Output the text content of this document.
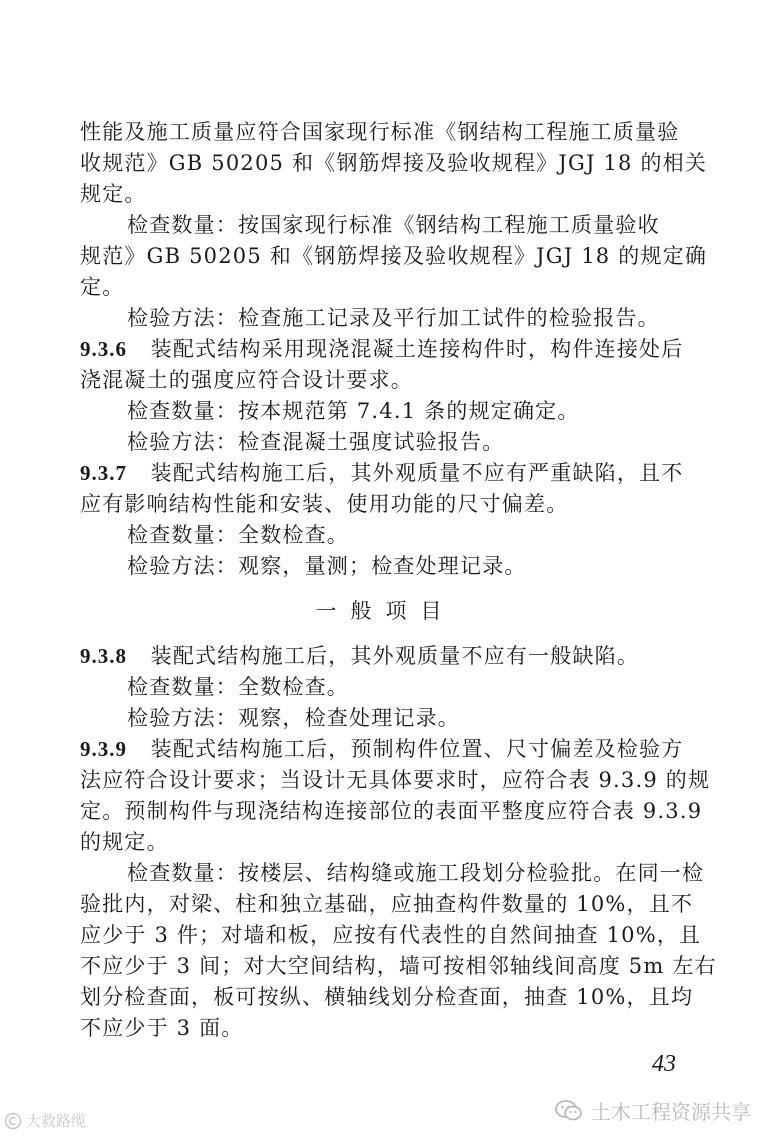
性能及施工质量应符合国家现行标准《钢结构工程施工质量验
收规范》GB 50205 和《钢筋焊接及验收规程》JGJ 18 的相关
规定。
检查数量：按国家现行标准《钢结构工程施工质量验收
规范》GB 50205 和《钢筋焊接及验收规程》JGJ 18 的规定确
定。
检验方法：检查施工记录及平行加工试件的检验报告。
9.3.6 装配式结构采用现浇混凝土连接构件时，构件连接处后
浇混凝土的强度应符合设计要求。
检查数量：按本规范第 7.4.1 条的规定确定。
检验方法：检查混凝土强度试验报告。
9.3.7 装配式结构施工后，其外观质量不应有严重缺陷，且不
应有影响结构性能和安装、使用功能的尺寸偏差。
检查数量：全数检查。
检验方法：观察，量测；检查处理记录。
一般项目
9.3.8 装配式结构施工后，其外观质量不应有一般缺陷。
检查数量：全数检查。
检验方法：观察，检查处理记录。
9.3.9 装配式结构施工后，预制构件位置、尺寸偏差及检验方
法应符合设计要求；当设计无具体要求时，应符合表 9.3.9 的规
定。预制构件与现浇结构连接部位的表面平整度应符合表 9.3.9
的规定。
检查数量：按楼层、结构缝或施工段划分检验批。在同一检
验批内，对梁、柱和独立基础，应抽查构件数量的 10%，且不
应少于 3 件；对墙和板，应按有代表性的自然间抽查 10%，且
不应少于 3 间；对大空间结构，墙可按相邻轴线间高度 5m 左右
划分检查面，板可按纵、横轴线划分检查面，抽查 10%，且均
不应少于 3 面。
43
土木工程资源共享
大救路缆
